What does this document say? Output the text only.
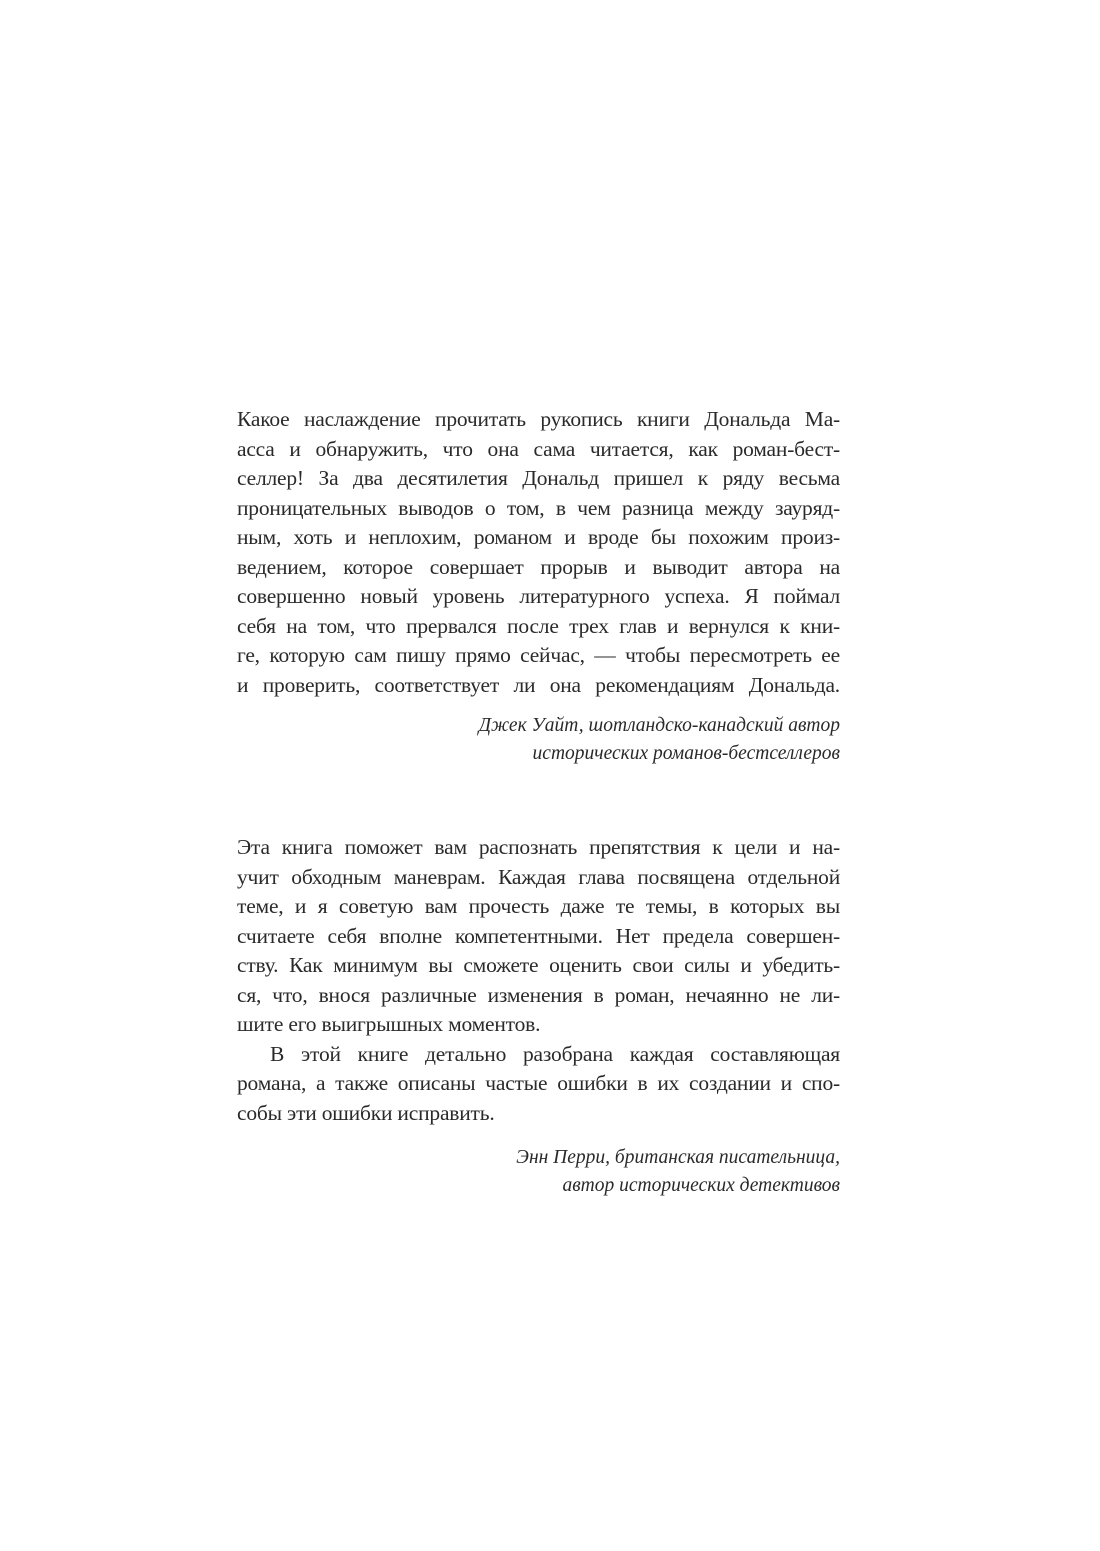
Какое наслаждение прочитать рукопись книги Дональда Ма-
асса и обнаружить, что она сама читается, как роман-бест-
селлер! За два десятилетия Дональд пришел к ряду весьма
проницательных выводов о том, в чем разница между зауряд-
ным, хоть и неплохим, романом и вроде бы похожим произ-
ведением, которое совершает прорыв и выводит автора на
совершенно новый уровень литературного успеха. Я поймал
себя на том, что прервался после трех глав и вернулся к кни-
ге, которую сам пишу прямо сейчас, — чтобы пересмотреть ее
и проверить, соответствует ли она рекомендациям Дональда.
Джек Уайт, шотландско-канадский автор
исторических романов-бестселлеров
Эта книга поможет вам распознать препятствия к цели и на-
учит обходным маневрам. Каждая глава посвящена отдельной
теме, и я советую вам прочесть даже те темы, в которых вы
считаете себя вполне компетентными. Нет предела совершен-
ству. Как минимум вы сможете оценить свои силы и убедить-
ся, что, внося различные изменения в роман, нечаянно не ли-
шите его выигрышных моментов.
В этой книге детально разобрана каждая составляющая
романа, а также описаны частые ошибки в их создании и спо-
собы эти ошибки исправить.
Энн Перри, британская писательница,
автор исторических детективов
